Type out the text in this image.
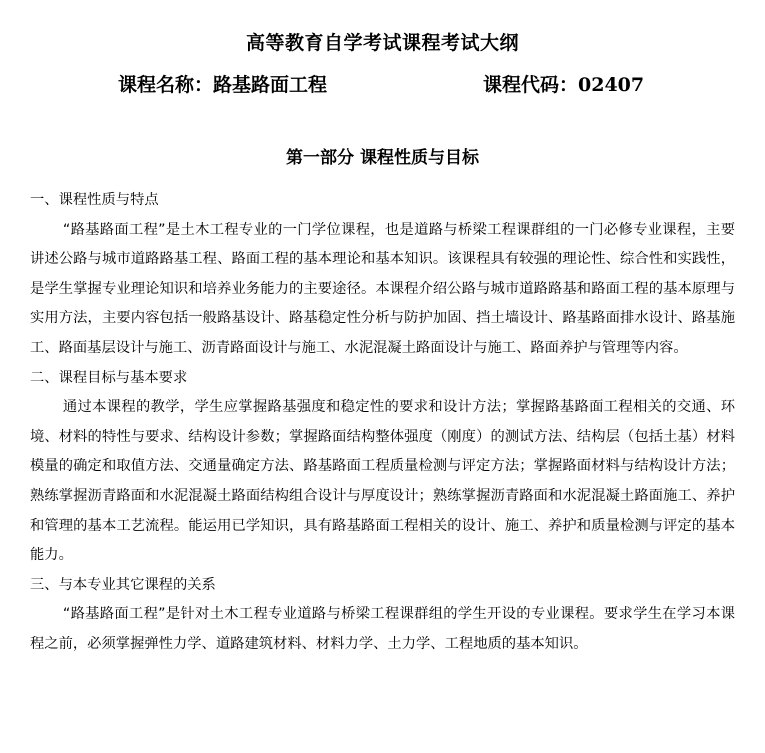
高等教育自学考试课程考试大纲
课程名称：路基路面工程	课程代码：02407
第一部分 课程性质与目标

一、课程性质与特点

“路基路面工程”是土木工程专业的一门学位课程，也是道路与桥梁工程课群组的一门必修专业课程，主要讲述公路与城市道路路基工程、路面工程的基本理论和基本知识。该课程具有较强的理论性、综合性和实践性，是学生掌握专业理论知识和培养业务能力的主要途径。本课程介绍公路与城市道路路基和路面工程的基本原理与实用方法，主要内容包括一般路基设计、路基稳定性分析与防护加固、挡土墙设计、路基路面排水设计、路基施工、路面基层设计与施工、沥青路面设计与施工、水泥混凝土路面设计与施工、路面养护与管理等内容。

二、课程目标与基本要求

通过本课程的教学，学生应掌握路基强度和稳定性的要求和设计方法；掌握路基路面工程相关的交通、环境、材料的特性与要求、结构设计参数；掌握路面结构整体强度（刚度）的测试方法、结构层（包括土基）材料模量的确定和取值方法、交通量确定方法、路基路面工程质量检测与评定方法；掌握路面材料与结构设计方法；熟练掌握沥青路面和水泥混凝土路面结构组合设计与厚度设计；熟练掌握沥青路面和水泥混凝土路面施工、养护和管理的基本工艺流程。能运用已学知识，具有路基路面工程相关的设计、施工、养护和质量检测与评定的基本能力。

三、与本专业其它课程的关系

“路基路面工程”是针对土木工程专业道路与桥梁工程课群组的学生开设的专业课程。要求学生在学习本课程之前，必须掌握弹性力学、道路建筑材料、材料力学、土力学、工程地质的基本知识。
